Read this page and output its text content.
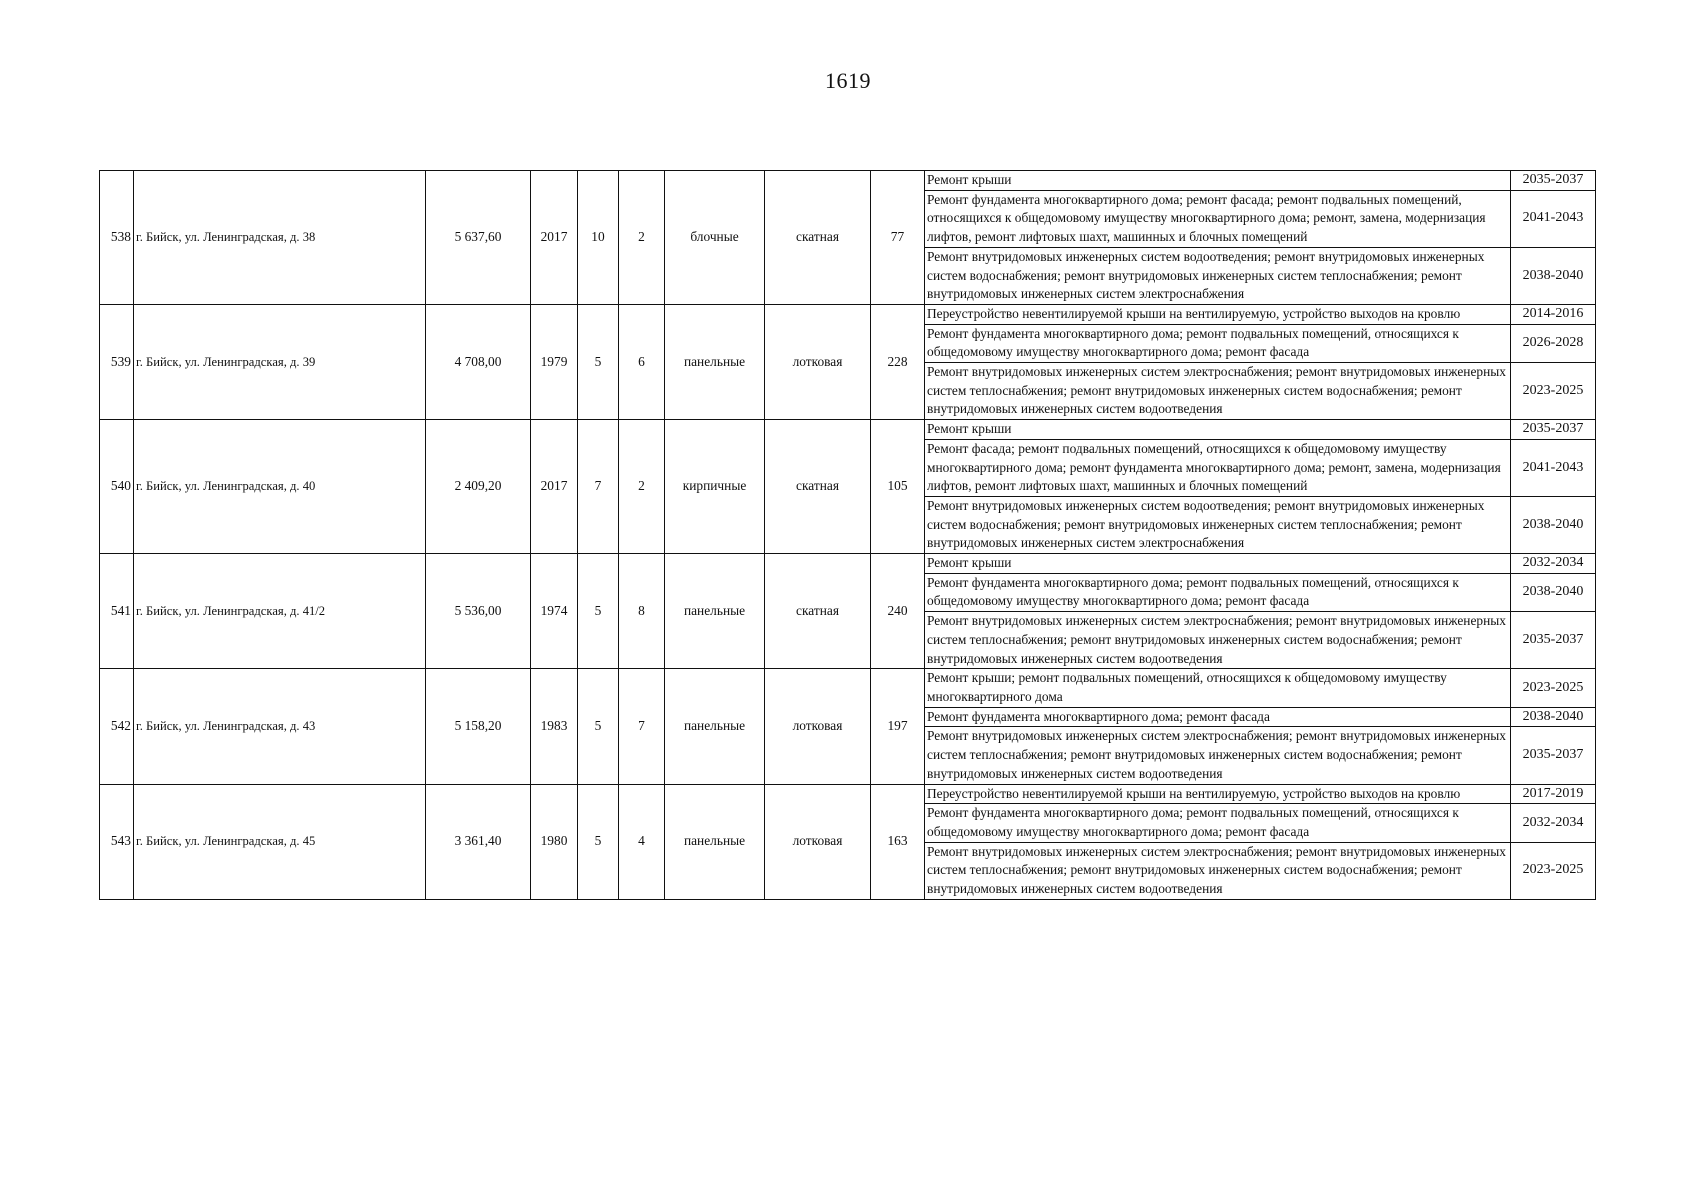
1619
538	г. Бийск, ул. Ленинградская, д. 38	5 637,60	2017	10	2	блочные	скатная	77	Ремонт крыши	2035-2037
									Ремонт фундамента многоквартирного дома; ремонт фасада; ремонт подвальных помещений, относящихся к общедомовому имуществу многоквартирного дома; ремонт, замена, модернизация лифтов, ремонт лифтовых шахт, машинных и блочных помещений	2041-2043
									Ремонт внутридомовых инженерных систем водоотведения; ремонт внутридомовых инженерных систем водоснабжения; ремонт внутридомовых инженерных систем теплоснабжения; ремонт внутридомовых инженерных систем электроснабжения	2038-2040
539	г. Бийск, ул. Ленинградская, д. 39	4 708,00	1979	5	6	панельные	лотковая	228	Переустройство невентилируемой крыши на вентилируемую, устройство выходов на кровлю	2014-2016
									Ремонт фундамента многоквартирного дома; ремонт подвальных помещений, относящихся к общедомовому имуществу многоквартирного дома; ремонт фасада	2026-2028
									Ремонт внутридомовых инженерных систем электроснабжения; ремонт внутридомовых инженерных систем теплоснабжения; ремонт внутридомовых инженерных систем водоснабжения; ремонт внутридомовых инженерных систем водоотведения	2023-2025
540	г. Бийск, ул. Ленинградская, д. 40	2 409,20	2017	7	2	кирпичные	скатная	105	Ремонт крыши	2035-2037
									Ремонт фасада; ремонт подвальных помещений, относящихся к общедомовому имуществу многоквартирного дома; ремонт фундамента многоквартирного дома; ремонт, замена, модернизация лифтов, ремонт лифтовых шахт, машинных и блочных помещений	2041-2043
									Ремонт внутридомовых инженерных систем водоотведения; ремонт внутридомовых инженерных систем водоснабжения; ремонт внутридомовых инженерных систем теплоснабжения; ремонт внутридомовых инженерных систем электроснабжения	2038-2040
541	г. Бийск, ул. Ленинградская, д. 41/2	5 536,00	1974	5	8	панельные	скатная	240	Ремонт крыши	2032-2034
									Ремонт фундамента многоквартирного дома; ремонт подвальных помещений, относящихся к общедомовому имуществу многоквартирного дома; ремонт фасада	2038-2040
									Ремонт внутридомовых инженерных систем электроснабжения; ремонт внутридомовых инженерных систем теплоснабжения; ремонт внутридомовых инженерных систем водоснабжения; ремонт внутридомовых инженерных систем водоотведения	2035-2037
542	г. Бийск, ул. Ленинградская, д. 43	5 158,20	1983	5	7	панельные	лотковая	197	Ремонт крыши; ремонт подвальных помещений, относящихся к общедомовому имуществу многоквартирного дома	2023-2025
									Ремонт фундамента многоквартирного дома; ремонт фасада	2038-2040
									Ремонт внутридомовых инженерных систем электроснабжения; ремонт внутридомовых инженерных систем теплоснабжения; ремонт внутридомовых инженерных систем водоснабжения; ремонт внутридомовых инженерных систем водоотведения	2035-2037
543	г. Бийск, ул. Ленинградская, д. 45	3 361,40	1980	5	4	панельные	лотковая	163	Переустройство невентилируемой крыши на вентилируемую, устройство выходов на кровлю	2017-2019
									Ремонт фундамента многоквартирного дома; ремонт подвальных помещений, относящихся к общедомовому имуществу многоквартирного дома; ремонт фасада	2032-2034
									Ремонт внутридомовых инженерных систем электроснабжения; ремонт внутридомовых инженерных систем теплоснабжения; ремонт внутридомовых инженерных систем водоснабжения; ремонт внутридомовых инженерных систем водоотведения	2023-2025
